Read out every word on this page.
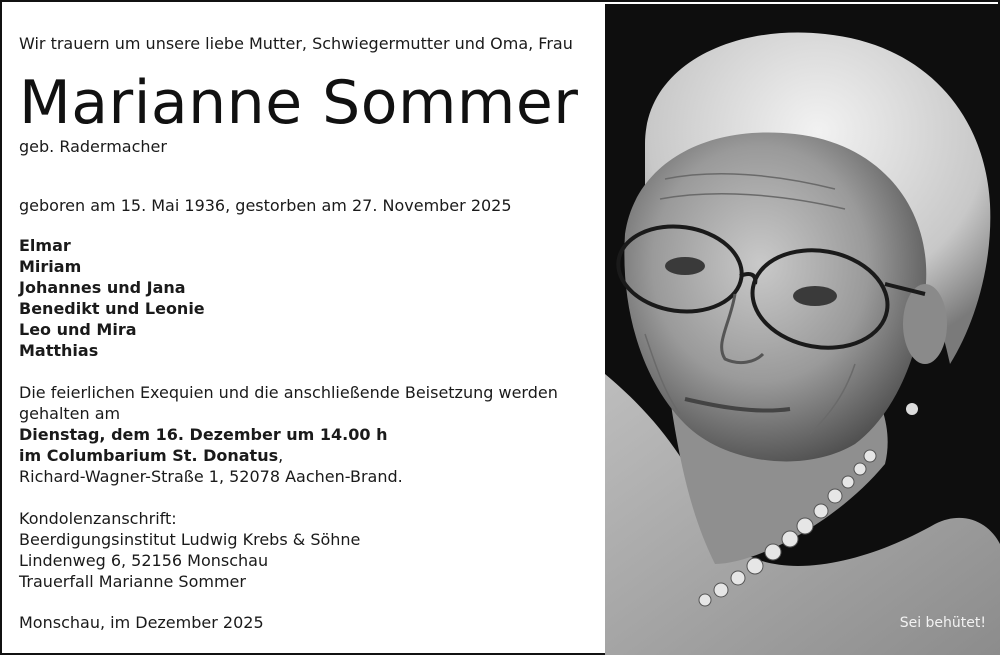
Wir trauern um unsere liebe Mutter, Schwiegermutter und Oma, Frau
Marianne Sommer
geb. Radermacher
geboren am 15. Mai 1936, gestorben am 27. November 2025
Elmar
Miriam
Johannes und Jana
Benedikt und Leonie
Leo und Mira
Matthias
Die feierlichen Exequien und die anschließende Beisetzung werden
gehalten am
Dienstag, dem 16. Dezember um 14.00 h
im Columbarium St. Donatus,
Richard-Wagner-Straße 1, 52078 Aachen-Brand.
Kondolenzanschrift:
Beerdigungsinstitut Ludwig Krebs & Söhne
Lindenweg 6, 52156 Monschau
Trauerfall Marianne Sommer
Monschau, im Dezember 2025	Sei behütet!
